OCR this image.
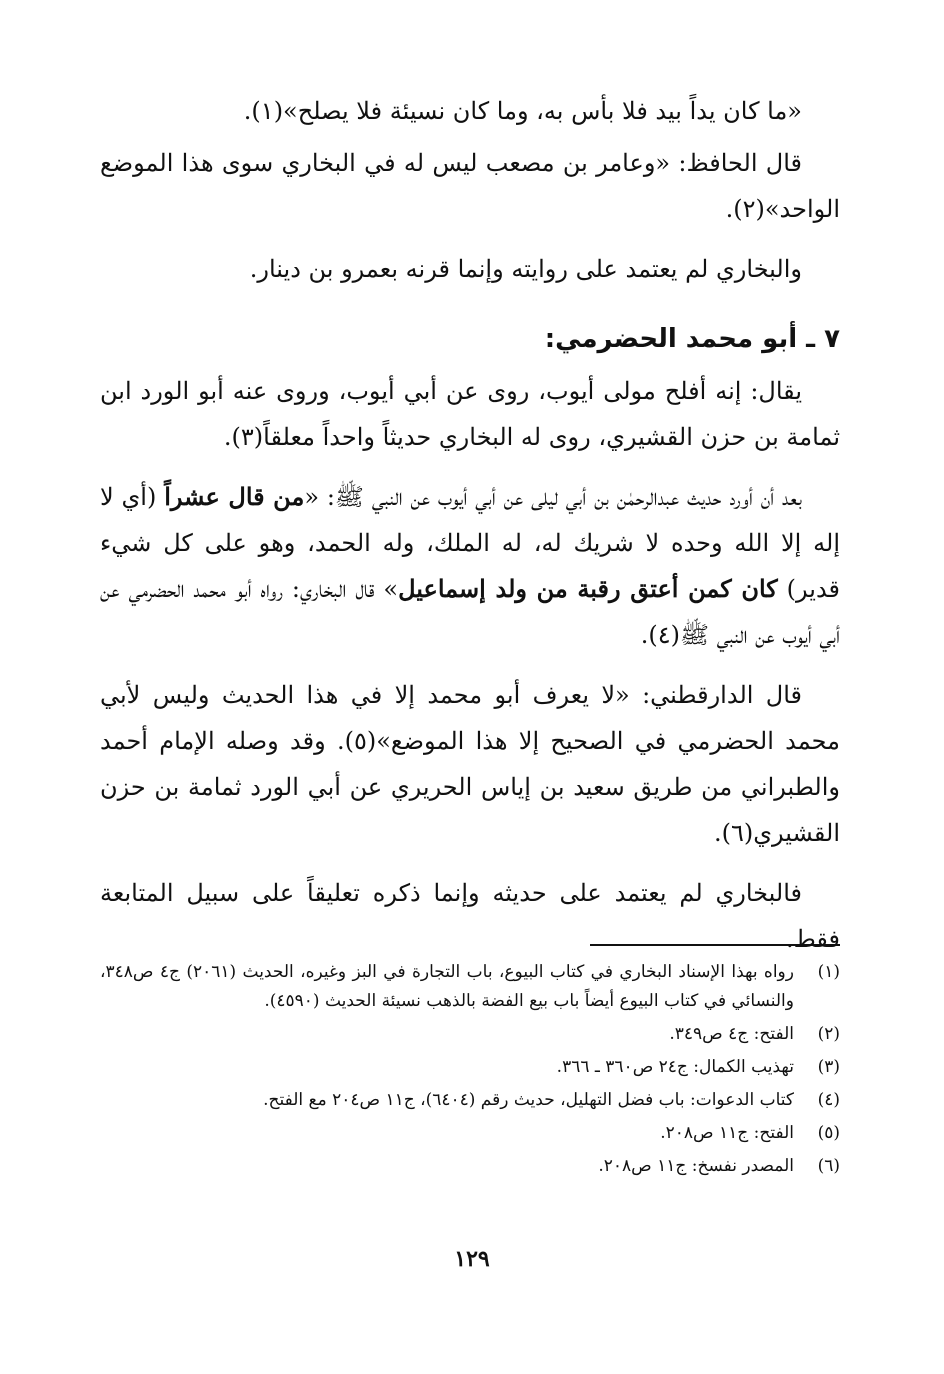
«ما كان يداً بيد فلا بأس به، وما كان نسيئة فلا يصلح»(١).

قال الحافظ: «وعامر بن مصعب ليس له في البخاري سوى هذا الموضع الواحد»(٢).

والبخاري لم يعتمد على روايته وإنما قرنه بعمرو بن دينار.

٧ ـ أبو محمد الحضرمي:

يقال: إنه أفلح مولى أيوب، روى عن أبي أيوب، وروى عنه أبو الورد ابن ثمامة بن حزن القشيري، روى له البخاري حديثاً واحداً معلقاً(٣).

بعد أن أورد حديث عبدالرحمٰن بن أبي ليلى عن أبي أيوب عن النبي ﷺ: «من قال عشراً (أي لا إله إلا الله وحده لا شريك له، له الملك، وله الحمد، وهو على كل شيء قدير) كان كمن أعتق رقبة من ولد إسماعيل» قال البخاري: رواه أبو محمد الحضرمي عن أبي أيوب عن النبي ﷺ(٤).

قال الدارقطني: «لا يعرف أبو محمد إلا في هذا الحديث وليس لأبي محمد الحضرمي في الصحيح إلا هذا الموضع»(٥). وقد وصله الإمام أحمد والطبراني من طريق سعيد بن إياس الحريري عن أبي الورد ثمامة بن حزن القشيري(٦).

فالبخاري لم يعتمد على حديثه وإنما ذكره تعليقاً على سبيل المتابعة فقط.

(١)
رواه بهذا الإسناد البخاري في كتاب البيوع، باب التجارة في البز وغيره، الحديث (٢٠٦١) ج٤ ص٣٤٨، والنسائي في كتاب البيوع أيضاً باب بيع الفضة بالذهب نسيئة الحديث (٤٥٩٠).
(٢)
الفتح: ج٤ ص٣٤٩.
(٣)
تهذيب الكمال: ج٢٤ ص٣٦٠ ـ ٣٦٦.
(٤)
كتاب الدعوات: باب فضل التهليل، حديث رقم (٦٤٠٤)، ج١١ ص٢٠٤ مع الفتح.
(٥)
الفتح: ج١١ ص٢٠٨.
(٦)
المصدر نفسخ: ج١١ ص٢٠٨.
١٢٩
